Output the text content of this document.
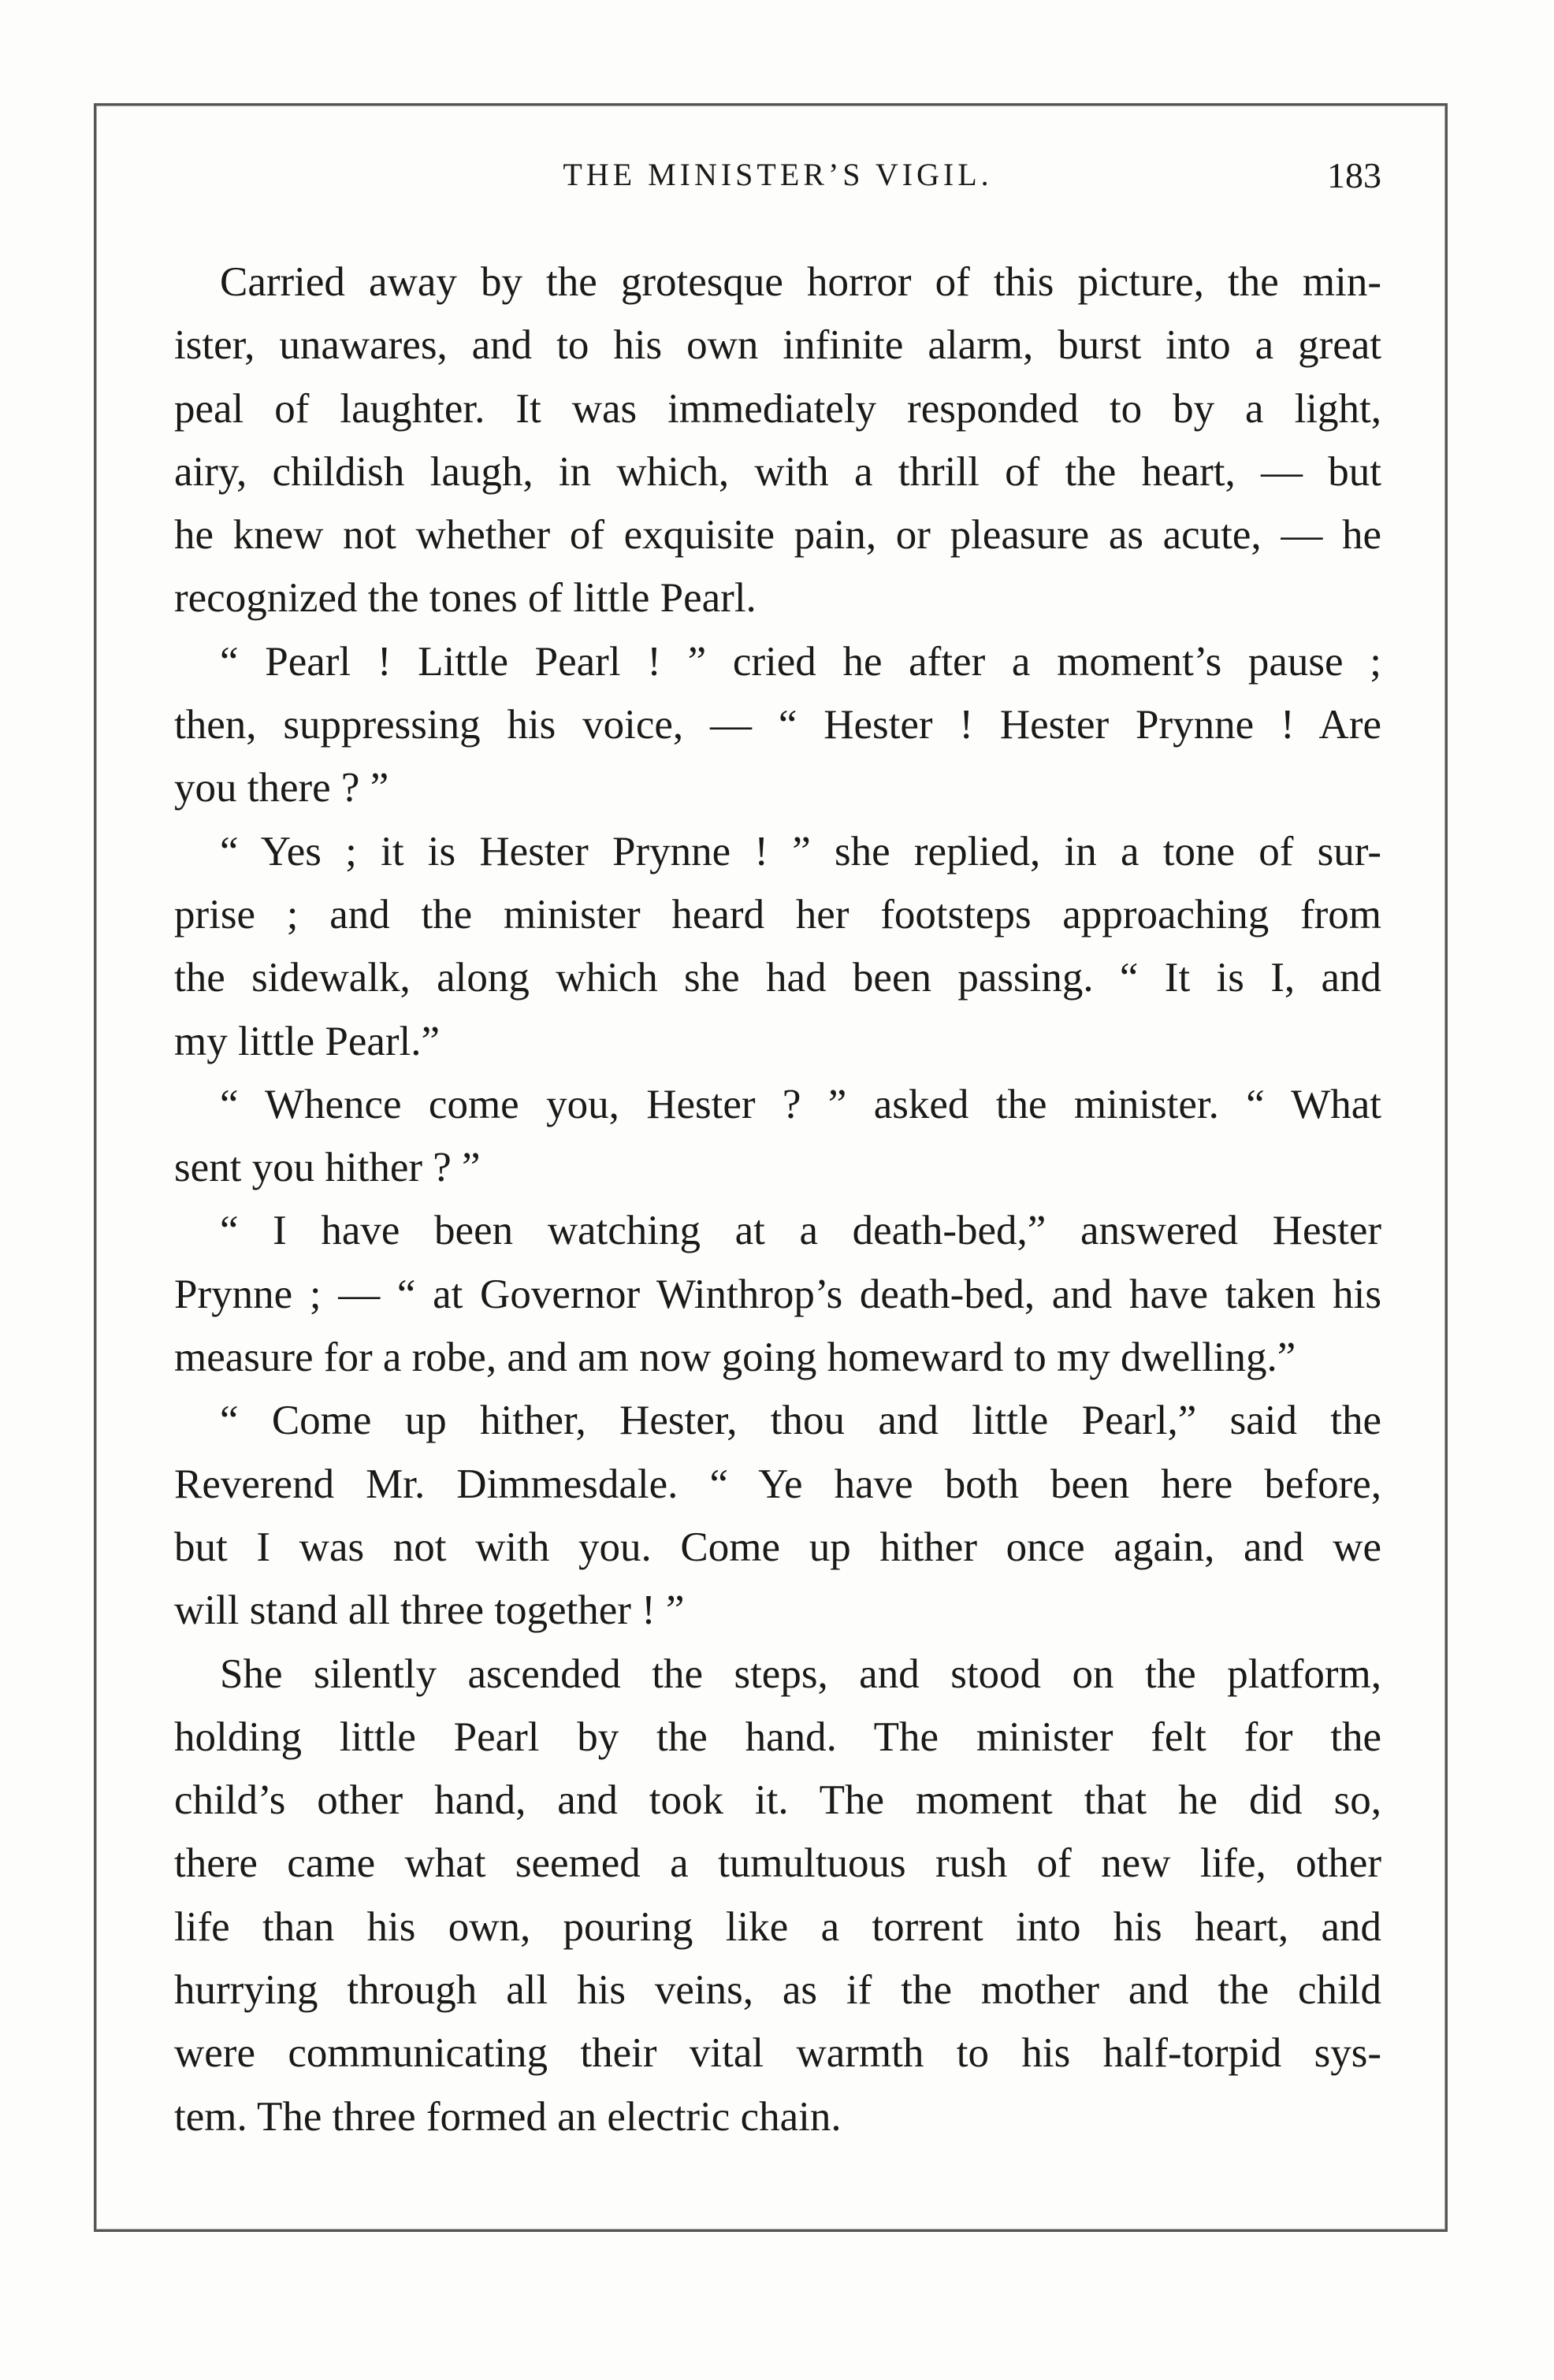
THE MINISTER’S VIGIL.	183
Carried away by the grotesque horror of this picture, the min-
ister, unawares, and to his own infinite alarm, burst into a great
peal of laughter. It was immediately responded to by a light,
airy, childish laugh, in which, with a thrill of the heart, — but
he knew not whether of exquisite pain, or pleasure as acute, — he
recognized the tones of little Pearl.
“ Pearl ! Little Pearl ! ” cried he after a moment’s pause ;
then, suppressing his voice, — “ Hester ! Hester Prynne ! Are
you there ? ”
“ Yes ; it is Hester Prynne ! ” she replied, in a tone of sur-
prise ; and the minister heard her footsteps approaching from
the sidewalk, along which she had been passing. “ It is I, and
my little Pearl.”
“ Whence come you, Hester ? ” asked the minister. “ What
sent you hither ? ”
“ I have been watching at a death-bed,” answered Hester
Prynne ; — “ at Governor Winthrop’s death-bed, and have taken his
measure for a robe, and am now going homeward to my dwelling.”
“ Come up hither, Hester, thou and little Pearl,” said the
Reverend Mr. Dimmesdale. “ Ye have both been here before,
but I was not with you. Come up hither once again, and we
will stand all three together ! ”
She silently ascended the steps, and stood on the platform,
holding little Pearl by the hand. The minister felt for the
child’s other hand, and took it. The moment that he did so,
there came what seemed a tumultuous rush of new life, other
life than his own, pouring like a torrent into his heart, and
hurrying through all his veins, as if the mother and the child
were communicating their vital warmth to his half-torpid sys-
tem. The three formed an electric chain.
